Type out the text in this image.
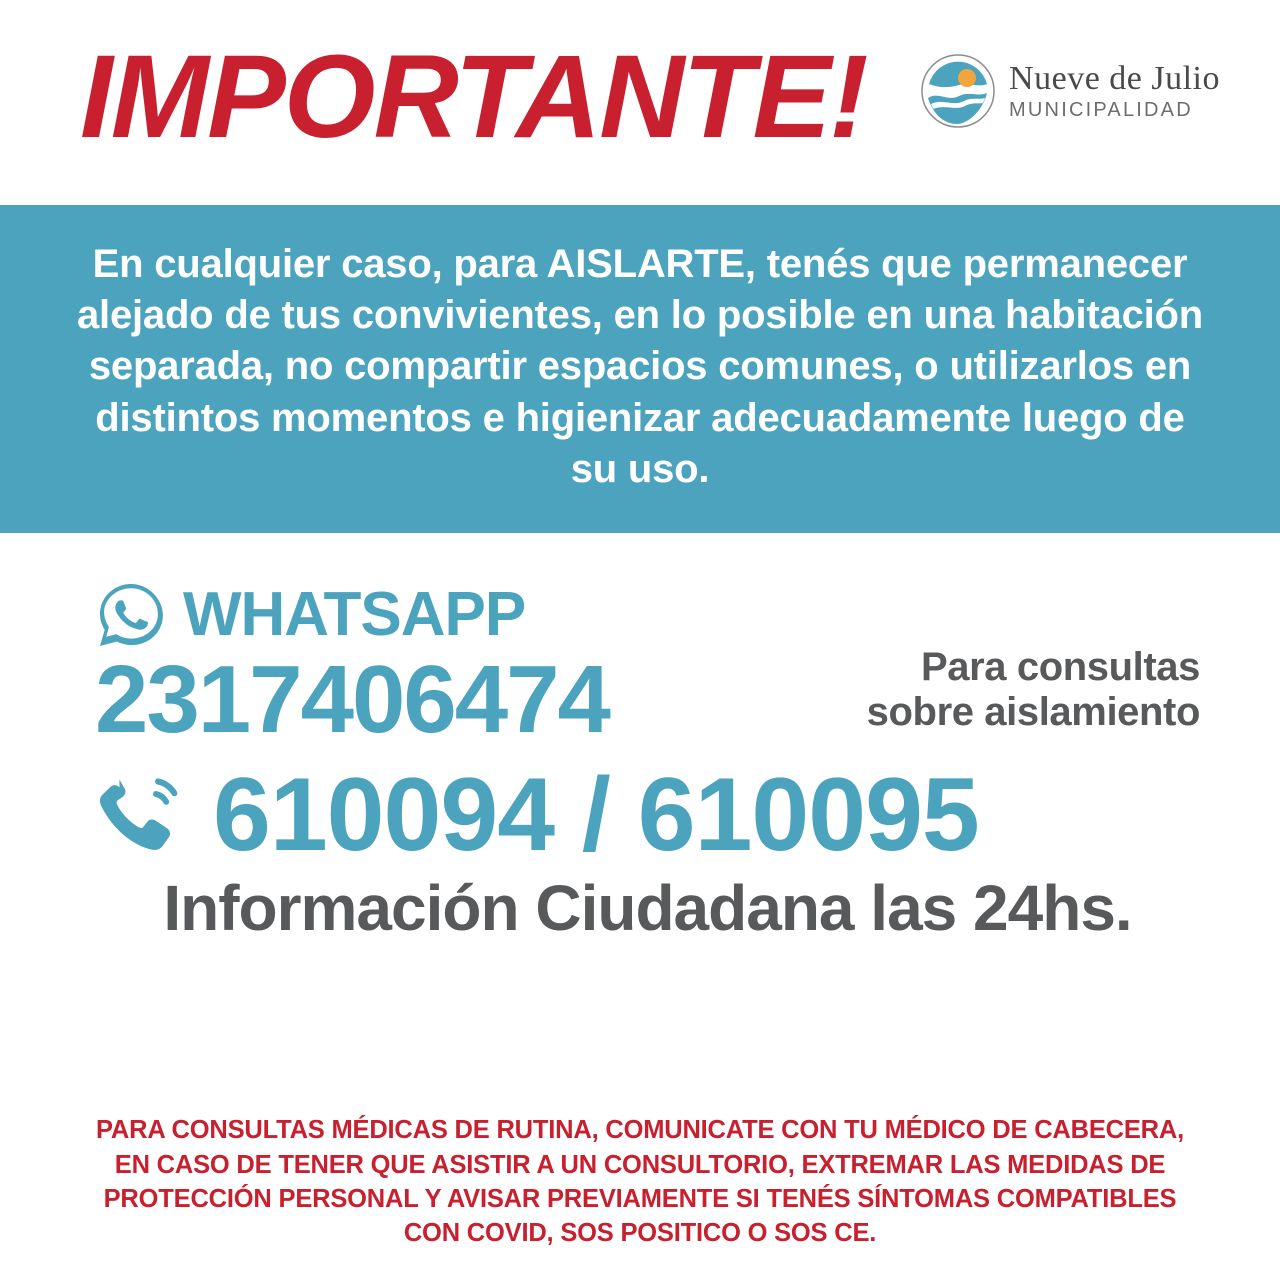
IMPORTANTE!	Nueve de Julio
MUNICIPALIDAD

En cualquier caso, para AISLARTE, tenés que permanecer alejado de tus convivientes, en lo posible en una habitación separada, no compartir espacios comunes, o utilizarlos en distintos momentos e higienizar adecuadamente luego de su uso.

WHATSAPP
2317406474	Para consultas
sobre aislamiento
610094 / 610095
Información Ciudadana las 24hs.

PARA CONSULTAS MÉDICAS DE RUTINA, COMUNICATE CON TU MÉDICO DE CABECERA,

EN CASO DE TENER QUE ASISTIR A UN CONSULTORIO, EXTREMAR LAS MEDIDAS DE

PROTECCIÓN PERSONAL Y AVISAR PREVIAMENTE SI TENÉS SÍNTOMAS COMPATIBLES

CON COVID, SOS POSITICO O SOS CE.
